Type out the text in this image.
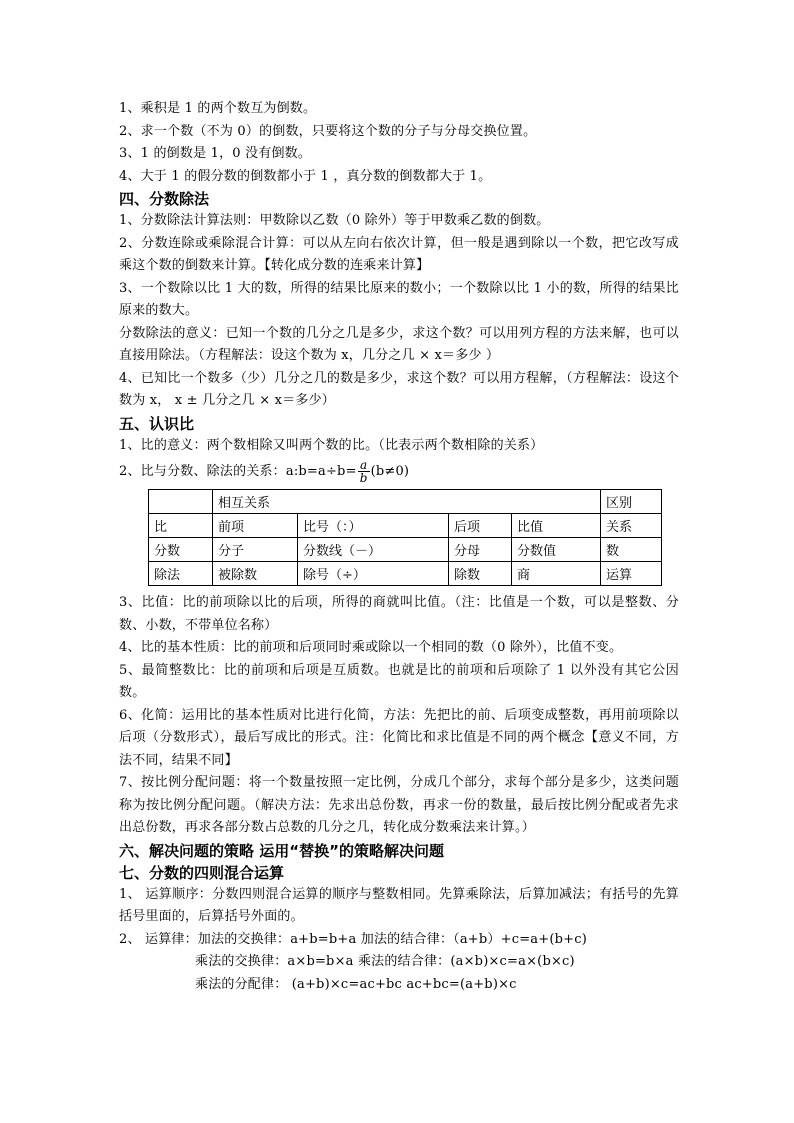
1、乘积是 1 的两个数互为倒数。
2、求一个数（不为 0）的倒数，只要将这个数的分子与分母交换位置。
3、1 的倒数是 1，0 没有倒数。
4、大于 1 的假分数的倒数都小于 1 ，真分数的倒数都大于 1。
四、分数除法
1、分数除法计算法则：甲数除以乙数（0 除外）等于甲数乘乙数的倒数。
2、分数连除或乘除混合计算：可以从左向右依次计算，但一般是遇到除以一个数，把它改写成乘这个数的倒数来计算。【转化成分数的连乘来计算】
3、一个数除以比 1 大的数，所得的结果比原来的数小；一个数除以比 1 小的数，所得的结果比原来的数大。
分数除法的意义：已知一个数的几分之几是多少，求这个数？可以用列方程的方法来解，也可以直接用除法。（方程解法：设这个数为 x，几分之几 × x＝多少 ）
4、已知比一个数多（少）几分之几的数是多少，求这个数？可以用方程解，（方程解法：设这个数为 x， x ± 几分之几 × x＝多少）
五、认识比
1、比的意义：两个数相除又叫两个数的比。（比表示两个数相除的关系）
2、比与分数、除法的关系：a:b=a÷b= $\frac{a}{b} (b\ne 0)$
	相互关系				区别
比	前项	比号（：）	后项	比值	关系
分数	分子	分数线（－）	分母	分数值	数
除法	被除数	除号（÷）	除数	商	运算
3、比值：比的前项除以比的后项，所得的商就叫比值。（注：比值是一个数，可以是整数、分数、小数，不带单位名称）
4、比的基本性质：比的前项和后项同时乘或除以一个相同的数（0 除外），比值不变。
5、最简整数比：比的前项和后项是互质数。也就是比的前项和后项除了 1 以外没有其它公因数。
6、化简：运用比的基本性质对比进行化简，方法：先把比的前、后项变成整数，再用前项除以后项（分数形式），最后写成比的形式。注：化简比和求比值是不同的两个概念【意义不同，方法不同，结果不同】
7、按比例分配问题：将一个数量按照一定比例，分成几个部分，求每个部分是多少，这类问题称为按比例分配问题。（解决方法：先求出总份数，再求一份的数量，最后按比例分配或者先求出总份数，再求各部分数占总数的几分之几，转化成分数乘法来计算。）
六、解决问题的策略 运用“替换”的策略解决问题
七、分数的四则混合运算
1、 运算顺序：分数四则混合运算的顺序与整数相同。先算乘除法，后算加减法；有括号的先算括号里面的，后算括号外面的。
2、 运算律：加法的交换律：a+b=b+a 加法的结合律：（a+b）+c=a+(b+c)
乘法的交换律：a×b=b×a 乘法的结合律：(a×b)×c=a×(b×c)
乘法的分配律： (a+b)×c=ac+bc ac+bc=(a+b)×c
